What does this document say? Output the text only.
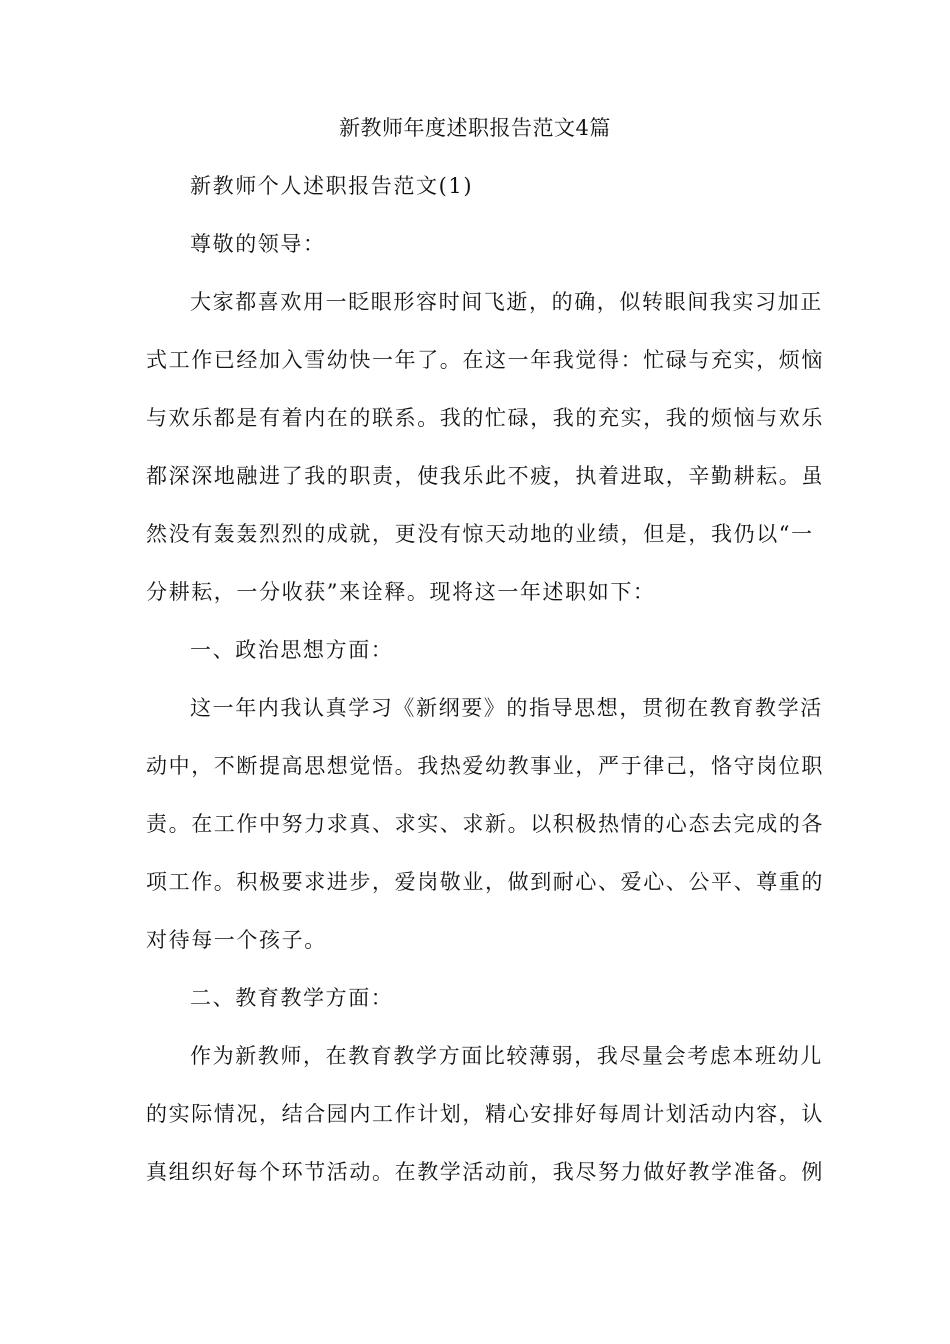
新教师年度述职报告范文4篇
新教师个人述职报告范文(1)
尊敬的领导：
大家都喜欢用一眨眼形容时间飞逝，的确，似转眼间我实习加正
式工作已经加入雪幼快一年了。在这一年我觉得：忙碌与充实，烦恼
与欢乐都是有着内在的联系。我的忙碌，我的充实，我的烦恼与欢乐
都深深地融进了我的职责，使我乐此不疲，执着进取，辛勤耕耘。虽
然没有轰轰烈烈的成就，更没有惊天动地的业绩，但是，我仍以“一
分耕耘，一分收获”来诠释。现将这一年述职如下：
一、政治思想方面：
这一年内我认真学习《新纲要》的指导思想，贯彻在教育教学活
动中，不断提高思想觉悟。我热爱幼教事业，严于律己，恪守岗位职
责。在工作中努力求真、求实、求新。以积极热情的心态去完成的各
项工作。积极要求进步，爱岗敬业，做到耐心、爱心、公平、尊重的
对待每一个孩子。
二、教育教学方面：
作为新教师，在教育教学方面比较薄弱，我尽量会考虑本班幼儿
的实际情况，结合园内工作计划，精心安排好每周计划活动内容，认
真组织好每个环节活动。在教学活动前，我尽努力做好教学准备。例
